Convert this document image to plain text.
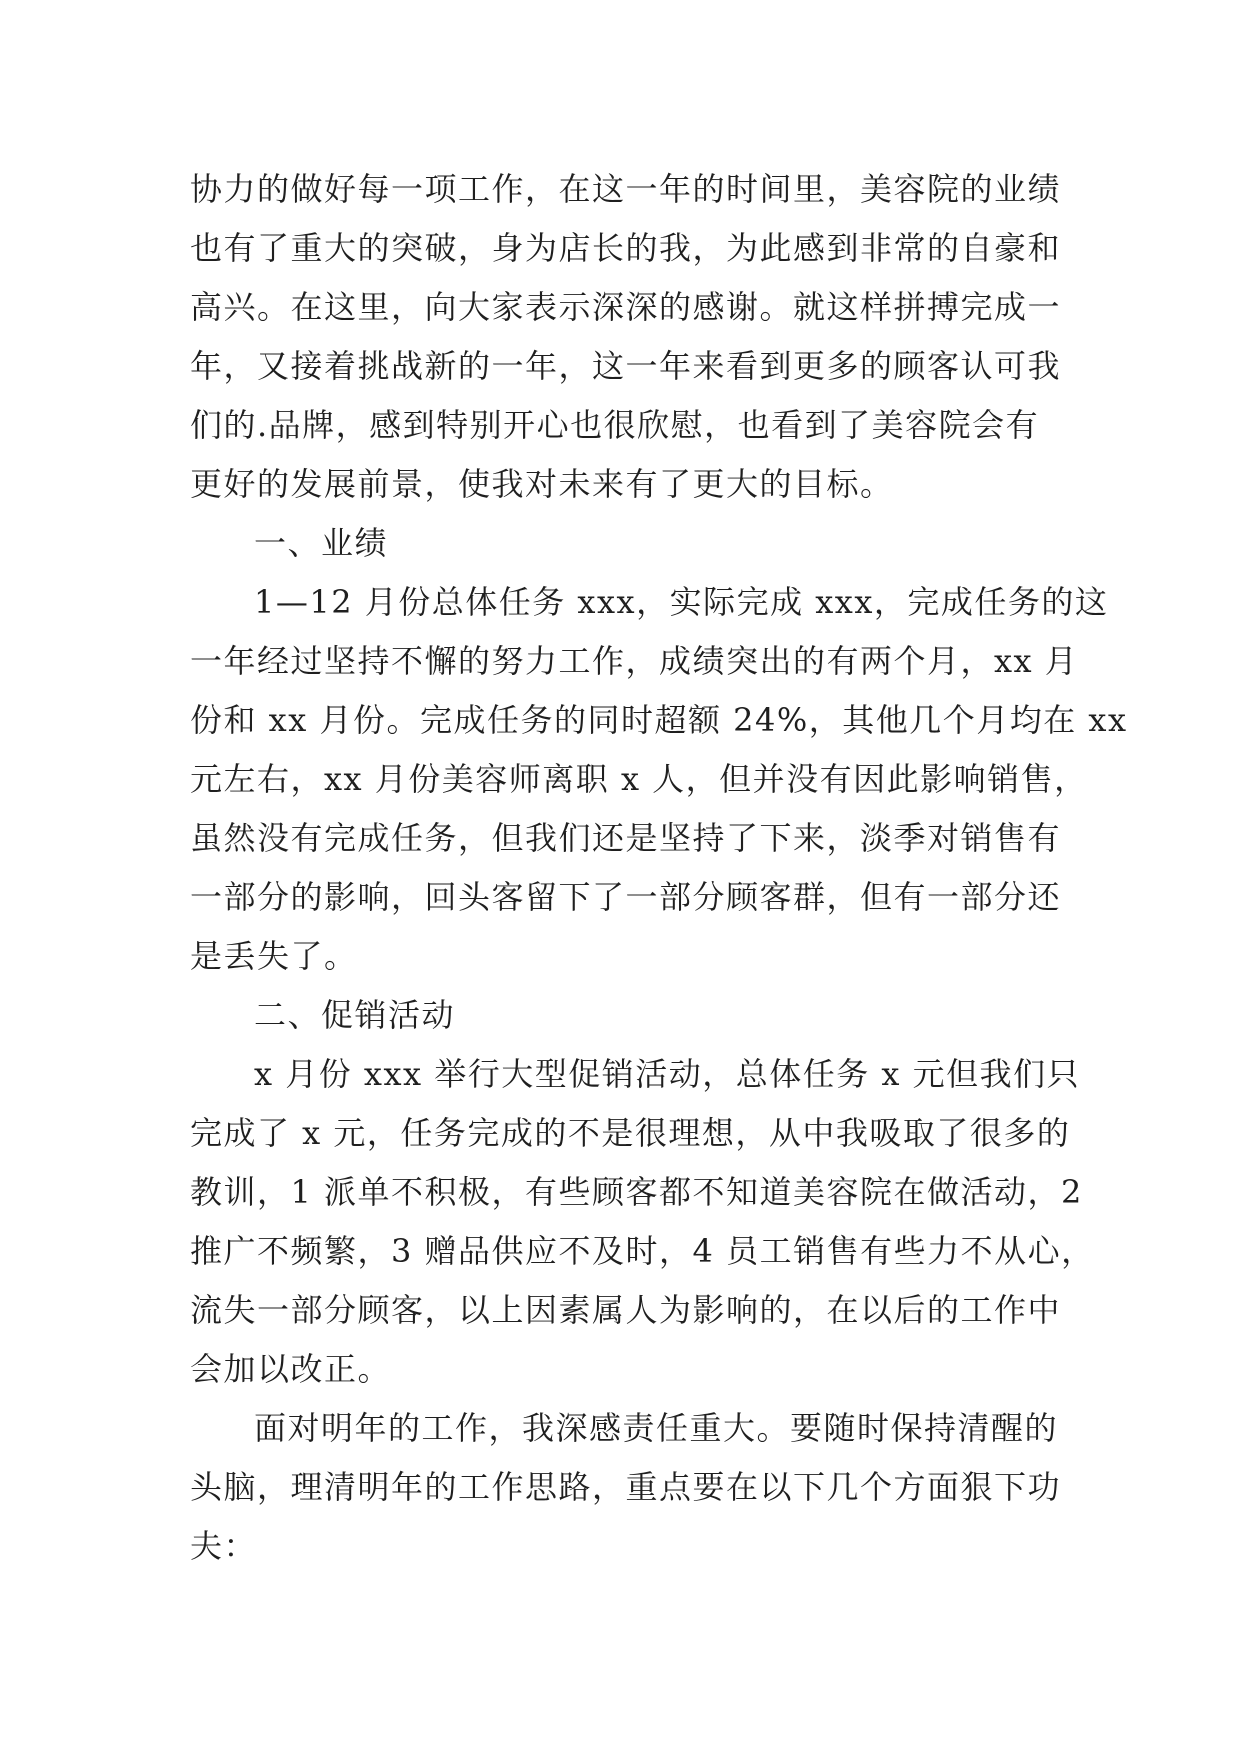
协力的做好每一项工作，在这一年的时间里，美容院的业绩
也有了重大的突破，身为店长的我，为此感到非常的自豪和
高兴。在这里，向大家表示深深的感谢。就这样拼搏完成一
年，又接着挑战新的一年，这一年来看到更多的顾客认可我
们的.品牌，感到特别开心也很欣慰，也看到了美容院会有
更好的发展前景，使我对未来有了更大的目标。
一、业绩
1—12 月份总体任务 xxx，实际完成 xxx，完成任务的这
一年经过坚持不懈的努力工作，成绩突出的有两个月，xx 月
份和 xx 月份。完成任务的同时超额 24%，其他几个月均在 xx
元左右，xx 月份美容师离职 x 人，但并没有因此影响销售，
虽然没有完成任务，但我们还是坚持了下来，淡季对销售有
一部分的影响，回头客留下了一部分顾客群，但有一部分还
是丢失了。
二、促销活动
x 月份 xxx 举行大型促销活动，总体任务 x 元但我们只
完成了 x 元，任务完成的不是很理想，从中我吸取了很多的
教训，1 派单不积极，有些顾客都不知道美容院在做活动，2
推广不频繁，3 赠品供应不及时，4 员工销售有些力不从心，
流失一部分顾客，以上因素属人为影响的，在以后的工作中
会加以改正。
面对明年的工作，我深感责任重大。要随时保持清醒的
头脑，理清明年的工作思路，重点要在以下几个方面狠下功
夫：
